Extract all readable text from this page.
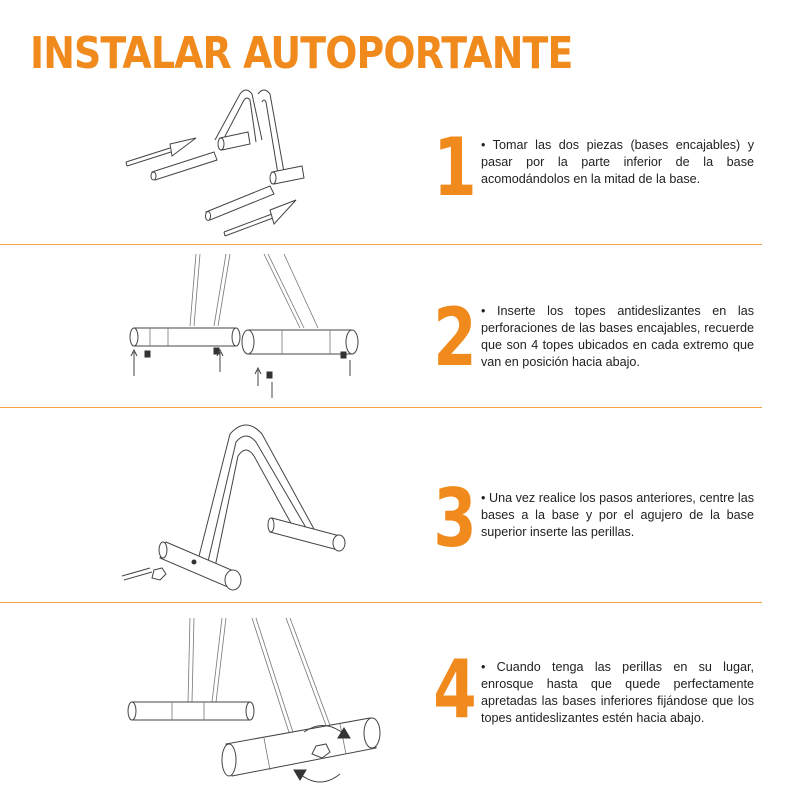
INSTALAR AUTOPORTANTE
1 • Tomar las dos piezas (bases encajables) y pasar por la parte inferior de la base acomodándolos en la mitad de la base.

2 • Inserte los topes antideslizantes en las perforaciones de las bases encajables, recuerde que son 4 topes ubicados en cada extremo que van en posición hacia abajo.

3 • Una vez realice los pasos anteriores, centre las bases a la base y por el agujero de la base superior inserte las perillas.

4 • Cuando tenga las perillas en su lugar, enrosque hasta que quede perfectamente apretadas las bases inferiores fijándose que los topes antideslizantes estén hacia abajo.
